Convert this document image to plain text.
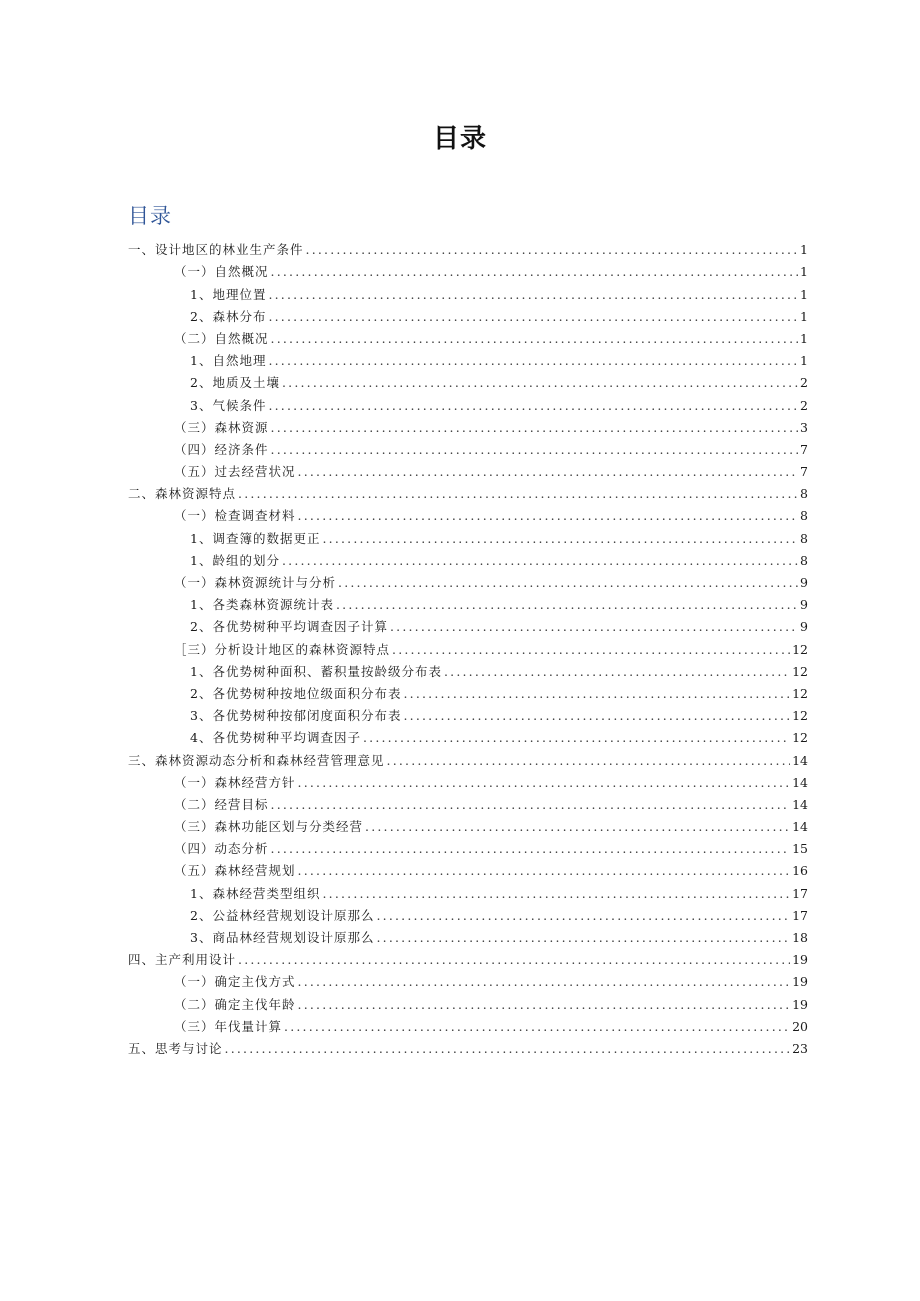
目录
目录
一、设计地区的林业生产条件 .....	1
（一）自然概况 .....	1
1、地理位置 .....	1
2、森林分布 .....	1
（二）自然概况 .....	1
1、自然地理 .....	1
2、地质及土壤 .....	2
3、气候条件 .....	2
（三）森林资源 .....	3
（四）经济条件 .....	7
（五）过去经营状况 .....	7
二、森林资源特点 .....	8
（一）检查调查材料 .....	8
1、调查簿的数据更正 .....	8
1、龄组的划分 .....	8
（一）森林资源统计与分析 .....	9
1、各类森林资源统计表 .....	9
2、各优势树种平均调查因子计算 .....	9
［三）分析设计地区的森林资源特点 .....	12
1、各优势树种面积、蓄积量按龄级分布表 .....	12
2、各优势树种按地位级面积分布表 .....	12
3、各优势树种按郁闭度面积分布表 .....	12
4、各优势树种平均调查因子 .....	12
三、森林资源动态分析和森林经营管理意见 .....	14
（一）森林经营方针 .....	14
（二）经营目标 .....	14
（三）森林功能区划与分类经营 .....	14
（四）动态分析 .....	15
（五）森林经营规划 .....	16
1、森林经营类型组织 .....	17
2、公益林经营规划设计原那么 .....	17
3、商品林经营规划设计原那么 .....	18
四、主产利用设计 .....	19
（一）确定主伐方式 .....	19
（二）确定主伐年龄 .....	19
（三）年伐量计算 .....	20
五、思考与讨论 .....	23
